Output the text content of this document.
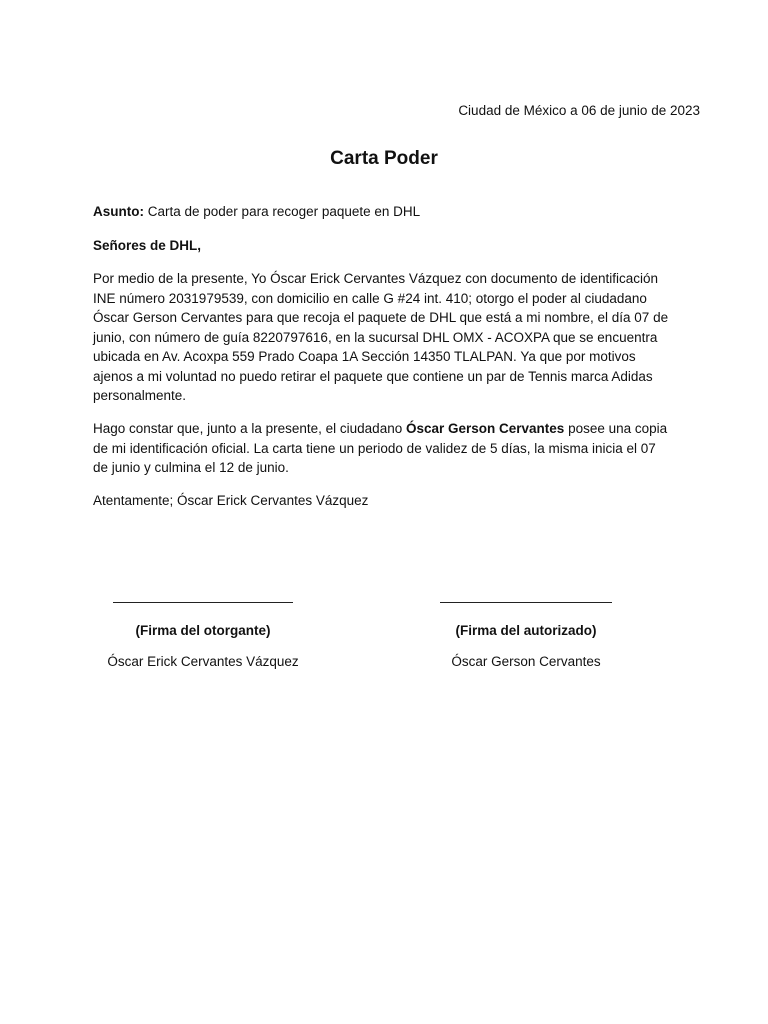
Ciudad de México a 06 de junio de 2023

Carta Poder

Asunto: Carta de poder para recoger paquete en DHL

Señores de DHL,

Por medio de la presente, Yo Óscar Erick Cervantes Vázquez con documento de identificación INE número 2031979539, con domicilio en calle G #24 int. 410; otorgo el poder al ciudadano Óscar Gerson Cervantes para que recoja el paquete de DHL que está a mi nombre, el día 07 de junio, con número de guía 8220797616, en la sucursal DHL OMX - ACOXPA que se encuentra ubicada en Av. Acoxpa 559 Prado Coapa 1A Sección 14350 TLALPAN. Ya que por motivos ajenos a mi voluntad no puedo retirar el paquete que contiene un par de Tennis marca Adidas personalmente.

Hago constar que, junto a la presente, el ciudadano Óscar Gerson Cervantes posee una copia de mi identificación oficial. La carta tiene un periodo de validez de 5 días, la misma inicia el 07 de junio y culmina el 12 de junio.

Atentamente; Óscar Erick Cervantes Vázquez

(Firma del otorgante)
Óscar Erick Cervantes Vázquez
(Firma del autorizado)
Óscar Gerson Cervantes
